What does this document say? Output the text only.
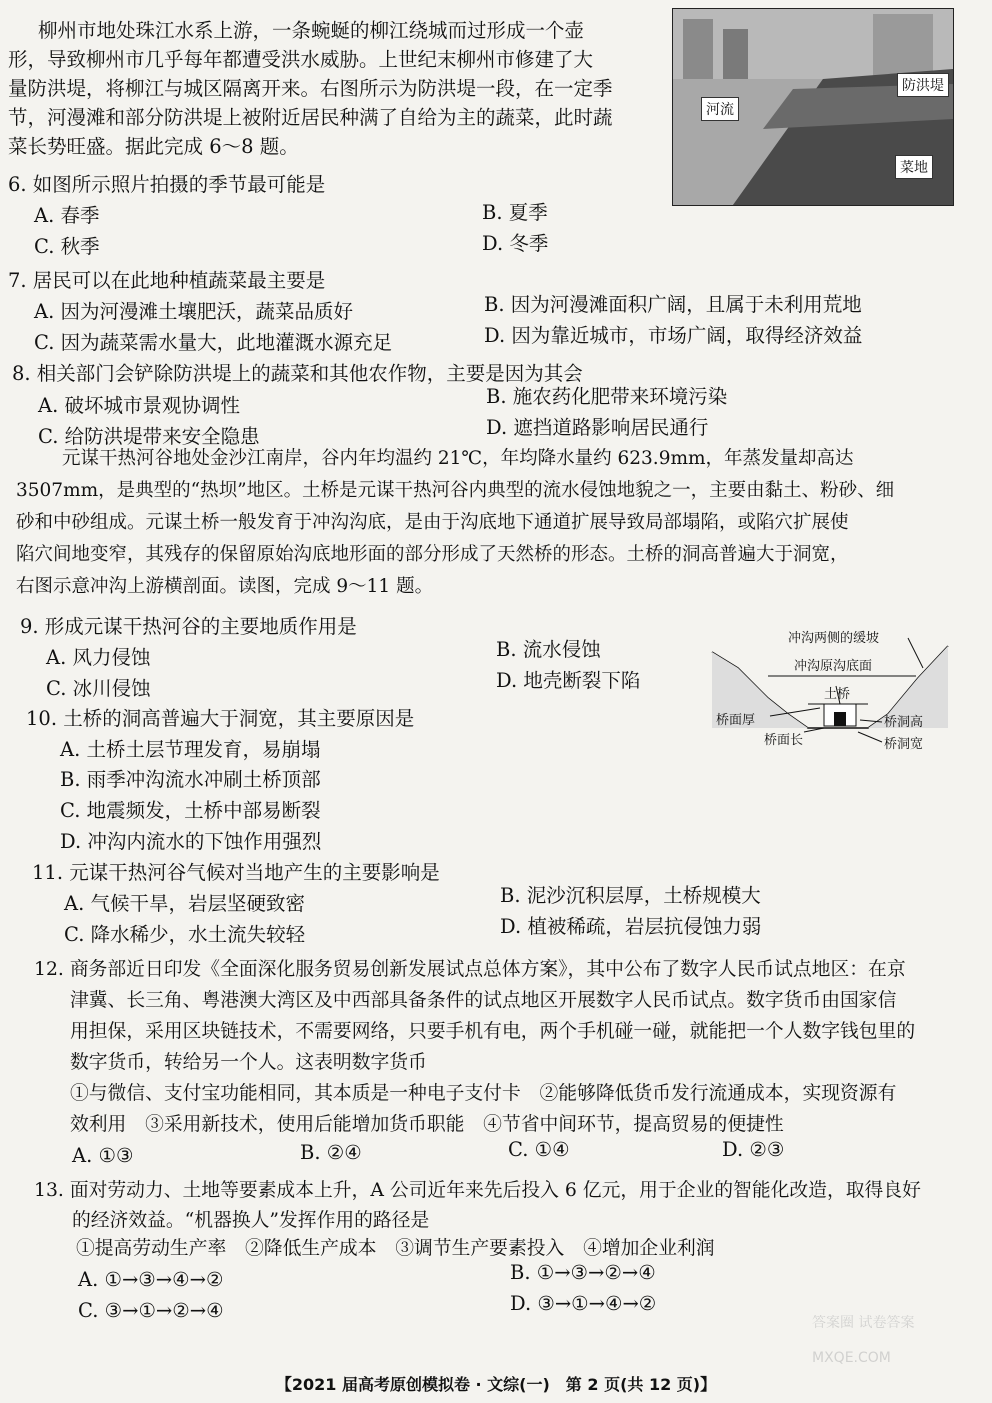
柳州市地处珠江水系上游，一条蜿蜒的柳江绕城而过形成一个壶
形，导致柳州市几乎每年都遭受洪水威胁。上世纪末柳州市修建了大
量防洪堤，将柳江与城区隔离开来。右图所示为防洪堤一段，在一定季
节，河漫滩和部分防洪堤上被附近居民种满了自给为主的蔬菜，此时蔬
菜长势旺盛。据此完成 6～8 题。
防洪堤
河流
菜地
6. 如图所示照片拍摄的季节最可能是
A. 春季	B. 夏季
C. 秋季	D. 冬季
7. 居民可以在此地种植蔬菜最主要是
A. 因为河漫滩土壤肥沃，蔬菜品质好	B. 因为河漫滩面积广阔，且属于未利用荒地
C. 因为蔬菜需水量大，此地灌溉水源充足	D. 因为靠近城市，市场广阔，取得经济效益
8. 相关部门会铲除防洪堤上的蔬菜和其他农作物，主要是因为其会
A. 破坏城市景观协调性	B. 施农药化肥带来环境污染
C. 给防洪堤带来安全隐患	D. 遮挡道路影响居民通行
元谋干热河谷地处金沙江南岸，谷内年均温约 21℃，年均降水量约 623.9mm，年蒸发量却高达
3507mm，是典型的“热坝”地区。土桥是元谋干热河谷内典型的流水侵蚀地貌之一，主要由黏土、粉砂、细
砂和中砂组成。元谋土桥一般发育于冲沟沟底，是由于沟底地下通道扩展导致局部塌陷，或陷穴扩展使
陷穴间地变窄，其残存的保留原始沟底地形面的部分形成了天然桥的形态。土桥的洞高普遍大于洞宽，
右图示意冲沟上游横剖面。读图，完成 9～11 题。
冲沟两侧的缓坡
冲沟原沟底面
土桥
桥面厚
桥面长
桥洞高
桥洞宽
9. 形成元谋干热河谷的主要地质作用是
A. 风力侵蚀	B. 流水侵蚀
C. 冰川侵蚀	D. 地壳断裂下陷
10. 土桥的洞高普遍大于洞宽，其主要原因是
A. 土桥土层节理发育，易崩塌
B. 雨季冲沟流水冲刷土桥顶部
C. 地震频发，土桥中部易断裂
D. 冲沟内流水的下蚀作用强烈
11. 元谋干热河谷气候对当地产生的主要影响是
A. 气候干旱，岩层坚硬致密	B. 泥沙沉积层厚，土桥规模大
C. 降水稀少，水土流失较轻	D. 植被稀疏，岩层抗侵蚀力弱
12. 商务部近日印发《全面深化服务贸易创新发展试点总体方案》，其中公布了数字人民币试点地区：在京
津冀、长三角、粤港澳大湾区及中西部具备条件的试点地区开展数字人民币试点。数字货币由国家信
用担保，采用区块链技术，不需要网络，只要手机有电，两个手机碰一碰，就能把一个人数字钱包里的
数字货币，转给另一个人。这表明数字货币
①与微信、支付宝功能相同，其本质是一种电子支付卡　②能够降低货币发行流通成本，实现资源有
效利用　③采用新技术，使用后能增加货币职能　④节省中间环节，提高贸易的便捷性
A. ①③	B. ②④	C. ①④	D. ②③
13. 面对劳动力、土地等要素成本上升，A 公司近年来先后投入 6 亿元，用于企业的智能化改造，取得良好
的经济效益。“机器换人”发挥作用的路径是
①提高劳动生产率　②降低生产成本　③调节生产要素投入　④增加企业利润
A. ①→③→④→②	B. ①→③→②→④
C. ③→①→②→④	D. ③→①→④→②
答案圈 试卷答案 MXQE.COM
【2021 届高考原创模拟卷 · 文综(一)　第 2 页(共 12 页)】
